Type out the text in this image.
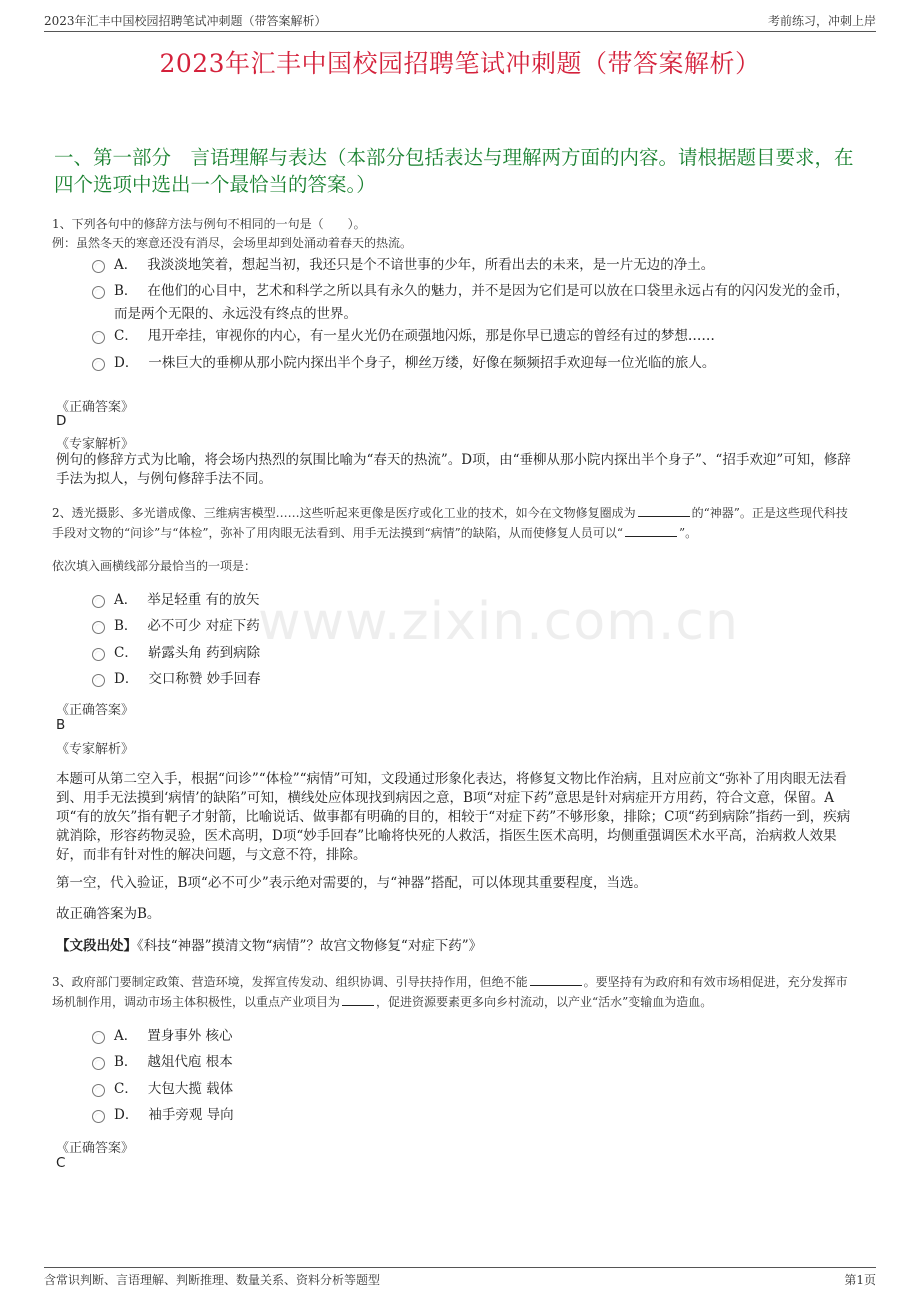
2023年汇丰中国校园招聘笔试冲刺题（带答案解析）	考前练习，冲刺上岸
2023年汇丰中国校园招聘笔试冲刺题（带答案解析）
一、第一部分　言语理解与表达（本部分包括表达与理解两方面的内容。请根据题目要求，在四个选项中选出一个最恰当的答案。）
1、下列各句中的修辞方法与例句不相同的一句是（　　）。
例：虽然冬天的寒意还没有消尽，会场里却到处涌动着春天的热流。
A． 我淡淡地笑着，想起当初，我还只是个不谙世事的少年，所看出去的未来，是一片无边的净土。
B． 在他们的心目中，艺术和科学之所以具有永久的魅力，并不是因为它们是可以放在口袋里永远占有的闪闪发光的金币，而是两个无限的、永远没有终点的世界。
C． 甩开牵挂，审视你的内心，有一星火光仍在顽强地闪烁，那是你早已遗忘的曾经有过的梦想……
D． 一株巨大的垂柳从那小院内探出半个身子，柳丝万缕，好像在频频招手欢迎每一位光临的旅人。
《正确答案》
D
《专家解析》
例句的修辞方式为比喻，将会场内热烈的氛围比喻为“春天的热流”。D项，由“垂柳从那小院内探出半个身子”、“招手欢迎”可知，修辞手法为拟人，与例句修辞手法不同。
2、透光摄影、多光谱成像、三维病害模型……这些听起来更像是医疗或化工业的技术，如今在文物修复圈成为	的“神器”。正是这些现代科技手段对文物的“问诊”与“体检”，弥补了用肉眼无法看到、用手无法摸到“病情”的缺陷，从而使修复人员可以“	”。
依次填入画横线部分最恰当的一项是：
A． 举足轻重 有的放矢
B． 必不可少 对症下药
C． 崭露头角 药到病除
D． 交口称赞 妙手回春
www.zixin.com.cn
《正确答案》
B
《专家解析》
本题可从第二空入手，根据“问诊”“体检”“病情”可知，文段通过形象化表达，将修复文物比作治病，且对应前文“弥补了用肉眼无法看到、用手无法摸到‘病情’的缺陷”可知，横线处应体现找到病因之意，B项“对症下药”意思是针对病症开方用药，符合文意，保留。A项“有的放矢”指有靶子才射箭，比喻说话、做事都有明确的目的，相较于“对症下药”不够形象，排除；C项“药到病除”指药一到，疾病就消除，形容药物灵验，医术高明，D项“妙手回春”比喻将快死的人救活，指医生医术高明，均侧重强调医术水平高，治病救人效果好，而非有针对性的解决问题，与文意不符，排除。
第一空，代入验证，B项“必不可少”表示绝对需要的，与“神器”搭配，可以体现其重要程度，当选。
故正确答案为B。
【文段出处】《科技“神器”摸清文物“病情”？故宫文物修复“对症下药”》
3、政府部门要制定政策、营造环境，发挥宣传发动、组织协调、引导扶持作用，但绝不能	。要坚持有为政府和有效市场相促进，充分发挥市场机制作用，调动市场主体积极性，以重点产业项目为	，促进资源要素更多向乡村流动，以产业“活水”变输血为造血。
A． 置身事外 核心
B． 越俎代庖 根本
C． 大包大揽 载体
D． 袖手旁观 导向
《正确答案》
C
含常识判断、言语理解、判断推理、数量关系、资料分析等题型	第1页
